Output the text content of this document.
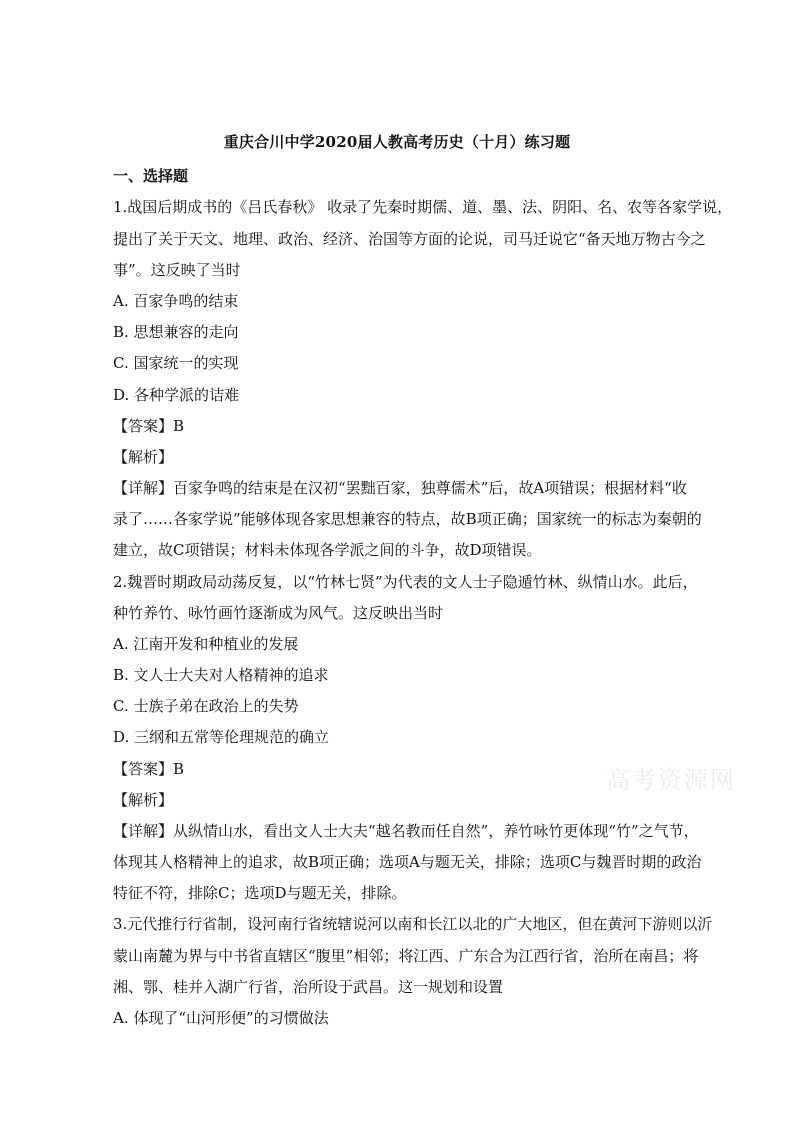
重庆合川中学2020届人教高考历史（十月）练习题
一、选择题
1.战国后期成书的《吕氏春秋》 收录了先秦时期儒、道、墨、法、阴阳、名、农等各家学说，
提出了关于天文、地理、政治、经济、治国等方面的论说，司马迁说它“备天地万物古今之
事”。这反映了当时
A. 百家争鸣的结束
B. 思想兼容的走向
C. 国家统一的实现
D. 各种学派的诘难
【答案】B
【解析】
【详解】百家争鸣的结束是在汉初“罢黜百家，独尊儒术”后，故A项错误；根据材料“收
录了……各家学说”能够体现各家思想兼容的特点，故B项正确；国家统一的标志为秦朝的
建立，故C项错误；材料未体现各学派之间的斗争，故D项错误。
2.魏晋时期政局动荡反复，以“竹林七贤”为代表的文人士子隐遁竹林、纵情山水。此后，
种竹养竹、咏竹画竹逐渐成为风气。这反映出当时
A. 江南开发和种植业的发展
B. 文人士大夫对人格精神的追求
C. 士族子弟在政治上的失势
D. 三纲和五常等伦理规范的确立
【答案】B
【解析】
【详解】从纵情山水，看出文人士大夫“越名教而任自然”，养竹咏竹更体现“竹”之气节，
体现其人格精神上的追求，故B项正确；选项A与题无关，排除；选项C与魏晋时期的政治
特征不符，排除C；选项D与题无关，排除。
3.元代推行行省制，设河南行省统辖说河以南和长江以北的广大地区，但在黄河下游则以沂
蒙山南麓为界与中书省直辖区“腹里”相邻；将江西、广东合为江西行省，治所在南昌；将
湘、鄂、桂并入湖广行省，治所设于武昌。这一规划和设置
A. 体现了“山河形便”的习惯做法
高考资源网
